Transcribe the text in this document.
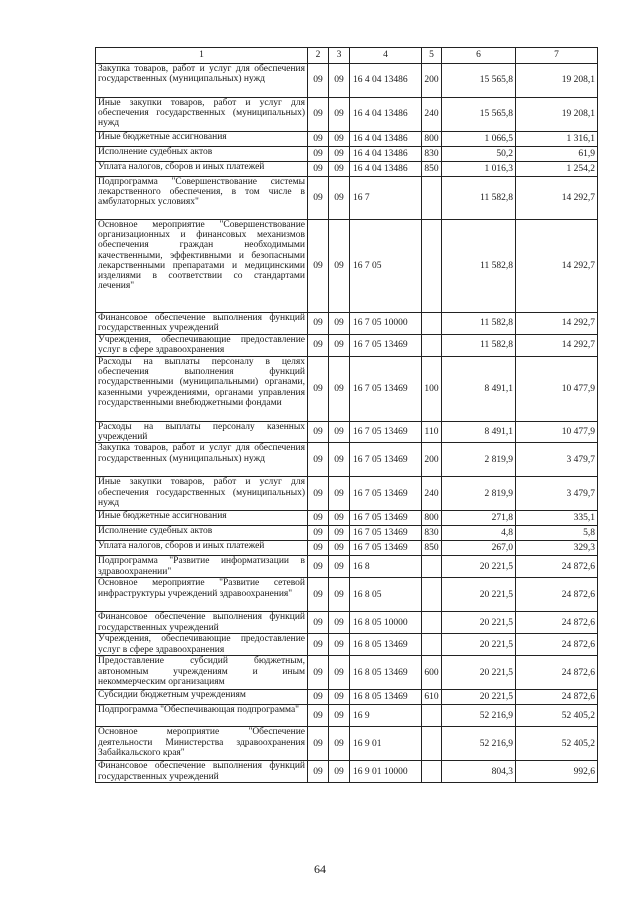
1	2	3	4	5	6	7
Закупка товаров, работ и услуг для обеспечения государственных (муниципальных) нужд	09	09	16 4 04 13486	200	15 565,8	19 208,1
Иные закупки товаров, работ и услуг для обеспечения государственных (муниципальных) нужд	09	09	16 4 04 13486	240	15 565,8	19 208,1
Иные бюджетные ассигнования	09	09	16 4 04 13486	800	1 066,5	1 316,1
Исполнение судебных актов	09	09	16 4 04 13486	830	50,2	61,9
Уплата налогов, сборов и иных платежей	09	09	16 4 04 13486	850	1 016,3	1 254,2
Подпрограмма "Совершенствование системы лекарственного обеспечения, в том числе в амбулаторных условиях"	09	09	16 7		11 582,8	14 292,7
Основное мероприятие "Совершенствование организационных и финансовых механизмов обеспечения граждан необходимыми качественными, эффективными и безопасными лекарственными препаратами и медицинскими изделиями в соответствии со стандартами лечения"	09	09	16 7 05		11 582,8	14 292,7
Финансовое обеспечение выполнения функций государственных учреждений	09	09	16 7 05 10000		11 582,8	14 292,7
Учреждения, обеспечивающие предоставление услуг в сфере здравоохранения	09	09	16 7 05 13469		11 582,8	14 292,7
Расходы на выплаты персоналу в целях обеспечения выполнения функций государственными (муниципальными) органами, казенными учреждениями, органами управления государственными внебюджетными фондами	09	09	16 7 05 13469	100	8 491,1	10 477,9
Расходы на выплаты персоналу казенных учреждений	09	09	16 7 05 13469	110	8 491,1	10 477,9
Закупка товаров, работ и услуг для обеспечения государственных (муниципальных) нужд	09	09	16 7 05 13469	200	2 819,9	3 479,7
Иные закупки товаров, работ и услуг для обеспечения государственных (муниципальных) нужд	09	09	16 7 05 13469	240	2 819,9	3 479,7
Иные бюджетные ассигнования	09	09	16 7 05 13469	800	271,8	335,1
Исполнение судебных актов	09	09	16 7 05 13469	830	4,8	5,8
Уплата налогов, сборов и иных платежей	09	09	16 7 05 13469	850	267,0	329,3
Подпрограмма "Развитие информатизации в здравоохранении"	09	09	16 8		20 221,5	24 872,6
Основное мероприятие "Развитие сетевой инфраструктуры учреждений здравоохранения"	09	09	16 8 05		20 221,5	24 872,6
Финансовое обеспечение выполнения функций государственных учреждений	09	09	16 8 05 10000		20 221,5	24 872,6
Учреждения, обеспечивающие предоставление услуг в сфере здравоохранения	09	09	16 8 05 13469		20 221,5	24 872,6
Предоставление субсидий бюджетным, автономным учреждениям и иным некоммерческим организациям	09	09	16 8 05 13469	600	20 221,5	24 872,6
Субсидии бюджетным учреждениям	09	09	16 8 05 13469	610	20 221,5	24 872,6
Подпрограмма "Обеспечивающая подпрограмма"	09	09	16 9		52 216,9	52 405,2
Основное мероприятие "Обеспечение деятельности Министерства здравоохранения Забайкальского края"	09	09	16 9 01		52 216,9	52 405,2
Финансовое обеспечение выполнения функций государственных учреждений	09	09	16 9 01 10000		804,3	992,6
64
